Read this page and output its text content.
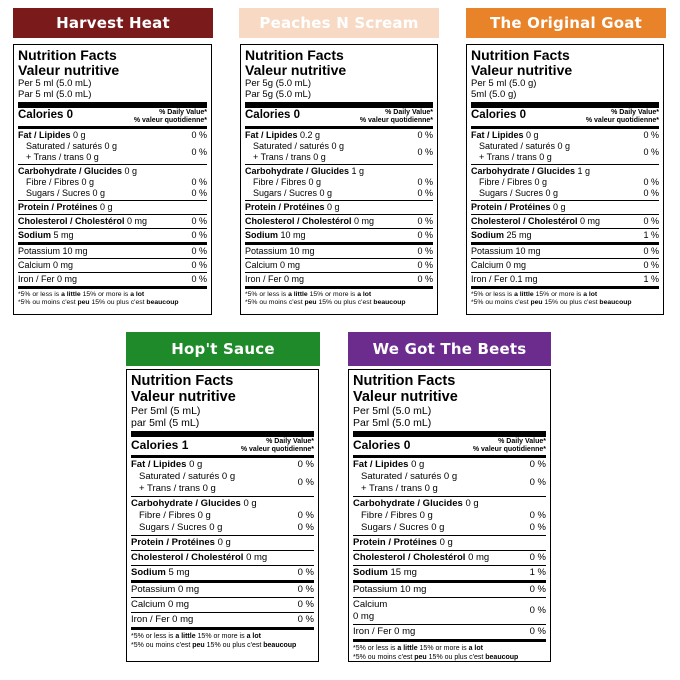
Harvest Heat	Peaches N Scream	The Original Goat
Hop't Sauce	We Got The Beets
Nutrition Facts
Valeur nutritive
Per 5 ml (5.0 mL)
Par 5 ml (5.0 mL)
Calories 0	% Daily Value*
% valeur quotidienne*
Fat / Lipides 0 g	0 %
Saturated / saturés 0 g
+ Trans / trans 0 g
0 %
Carbohydrate / Glucides 0 g
Fibre / Fibres 0 g	0 %
Sugars / Sucres 0 g	0 %
Protein / Protéines 0 g
Cholesterol / Cholestérol 0 mg	0 %
Sodium 5 mg	0 %
Potassium 10 mg	0 %
Calcium 0 mg	0 %
Iron / Fer 0 mg	0 %
*5% or less is a little 15% or more is a lot
*5% ou moins c'est peu 15% ou plus c'est beaucoup
Nutrition Facts
Valeur nutritive
Per 5g (5.0 mL)
Par 5g (5.0 mL)
Calories 0	% Daily Value*
% valeur quotidienne*
Fat / Lipides 0.2 g	0 %
Saturated / saturés 0 g
+ Trans / trans 0 g
0 %
Carbohydrate / Glucides 1 g
Fibre / Fibres 0 g	0 %
Sugars / Sucres 0 g	0 %
Protein / Protéines 0 g
Cholesterol / Cholestérol 0 mg	0 %
Sodium 10 mg	0 %
Potassium 10 mg	0 %
Calcium 0 mg	0 %
Iron / Fer 0 mg	0 %
*5% or less is a little 15% or more is a lot
*5% ou moins c'est peu 15% ou plus c'est beaucoup
Nutrition Facts
Valeur nutritive
Per 5 ml (5.0 g)
5ml (5.0 g)
Calories 0	% Daily Value*
% valeur quotidienne*
Fat / Lipides 0 g	0 %
Saturated / saturés 0 g
+ Trans / trans 0 g
0 %
Carbohydrate / Glucides 1 g
Fibre / Fibres 0 g	0 %
Sugars / Sucres 0 g	0 %
Protein / Protéines 0 g
Cholesterol / Cholestérol 0 mg	0 %
Sodium 25 mg	1 %
Potassium 10 mg	0 %
Calcium 0 mg	0 %
Iron / Fer 0.1 mg	1 %
*5% or less is a little 15% or more is a lot
*5% ou moins c'est peu 15% ou plus c'est beaucoup
Nutrition Facts
Valeur nutritive
Per 5ml (5 mL)
par 5ml (5 mL)
Calories 1	% Daily Value*
% valeur quotidienne*
Fat / Lipides 0 g	0 %
Saturated / saturés 0 g
+ Trans / trans 0 g
0 %
Carbohydrate / Glucides 0 g
Fibre / Fibres 0 g	0 %
Sugars / Sucres 0 g	0 %
Protein / Protéines 0 g
Cholesterol / Cholestérol 0 mg
Sodium 5 mg	0 %
Potassium 0 mg	0 %
Calcium 0 mg	0 %
Iron / Fer 0 mg	0 %
*5% or less is a little 15% or more is a lot
*5% ou moins c'est peu 15% ou plus c'est beaucoup
Nutrition Facts
Valeur nutritive
Per 5ml (5.0 mL)
Par 5ml (5.0 mL)
Calories 0	% Daily Value*
% valeur quotidienne*
Fat / Lipides 0 g	0 %
Saturated / saturés 0 g
+ Trans / trans 0 g
0 %
Carbohydrate / Glucides 0 g
Fibre / Fibres 0 g	0 %
Sugars / Sucres 0 g	0 %
Protein / Protéines 0 g
Cholesterol / Cholestérol 0 mg	0 %
Sodium 15 mg	1 %
Potassium 10 mg	0 %
Calcium
0 mg
0 %
Iron / Fer 0 mg	0 %
*5% or less is a little 15% or more is a lot
*5% ou moins c'est peu 15% ou plus c'est beaucoup
